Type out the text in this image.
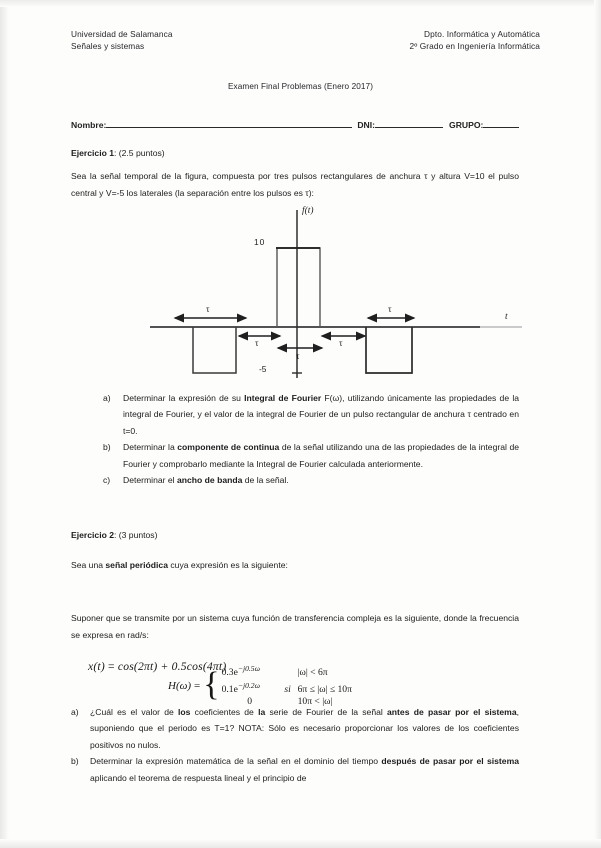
Universidad de Salamanca
Señales y sistemas
Dpto. Informática y Automática
2º Grado en Ingeniería Informática
Examen Final Problemas (Enero 2017)
Nombre:	DNI:	GRUPO:
Ejercicio 1: (2.5 puntos)
Sea la señal temporal de la figura, compuesta por tres pulsos rectangulares de anchura τ y altura V=10 el pulso central y V=-5 los laterales (la separación entre los pulsos es τ):
f(t)
t
10
-5
τ
τ
τ
τ
τ
a)	Determinar la expresión de su Integral de Fourier F(ω), utilizando únicamente las propiedades de la integral de Fourier, y el valor de la integral de Fourier de un pulso rectangular de anchura τ centrado en t=0.
b)	Determinar la componente de continua de la señal utilizando una de las propiedades de la integral de Fourier y comprobarlo mediante la Integral de Fourier calculada anteriormente.
c)	Determinar el ancho de banda de la señal.
Ejercicio 2: (3 puntos)
Sea una señal periódica cuya expresión es la siguiente:
x(t) = cos(2πt) + 0.5cos(4πt)
Suponer que se transmite por un sistema cuya función de transferencia compleja es la siguiente, donde la frecuencia se expresa en rad/s:
H(ω) = { $0.3e^{-j0.5\omega}$	|ω| < 6π
$0.1e^{-j0.2\omega}$	si 6π ≤ |ω| ≤ 10π
0	10π < |ω|
a)	¿Cuál es el valor de los coeficientes de la serie de Fourier de la señal antes de pasar por el sistema, suponiendo que el periodo es T=1? NOTA: Sólo es necesario proporcionar los valores de los coeficientes positivos no nulos.
b)	Determinar la expresión matemática de la señal en el dominio del tiempo después de pasar por el sistema aplicando el teorema de respuesta lineal y el principio de
